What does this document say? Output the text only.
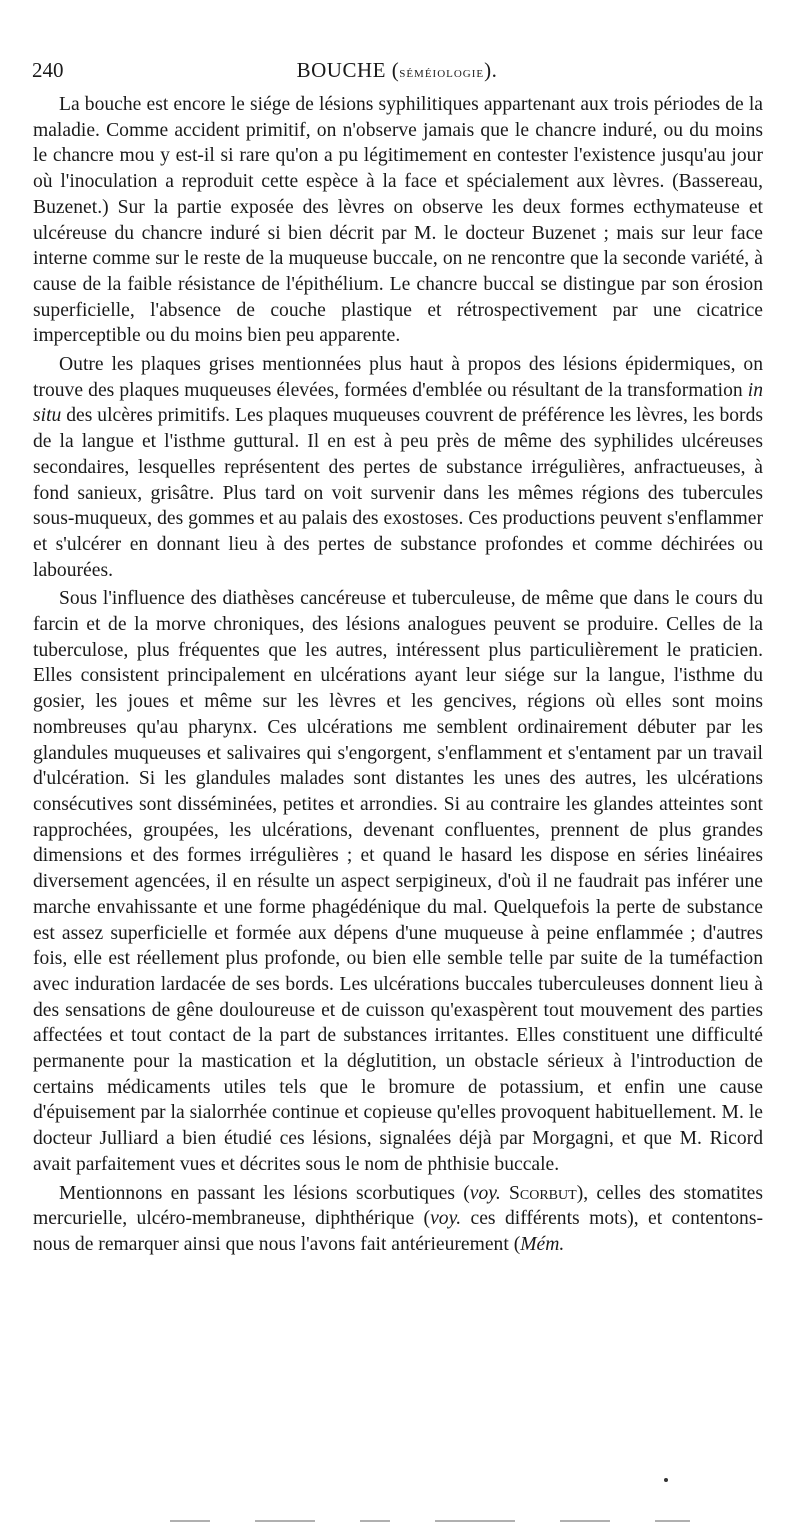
240	BOUCHE (séméiologie).

La bouche est encore le siége de lésions syphilitiques appartenant aux trois périodes de la maladie. Comme accident primitif, on n'observe jamais que le chancre induré, ou du moins le chancre mou y est-il si rare qu'on a pu légitimement en contester l'existence jusqu'au jour où l'inoculation a reproduit cette espèce à la face et spécialement aux lèvres. (Bassereau, Buzenet.) Sur la partie exposée des lèvres on observe les deux formes ecthymateuse et ulcéreuse du chancre induré si bien décrit par M. le docteur Buzenet ; mais sur leur face interne comme sur le reste de la muqueuse buccale, on ne rencontre que la seconde variété, à cause de la faible résistance de l'épithélium. Le chancre buccal se distingue par son érosion superficielle, l'absence de couche plastique et rétrospectivement par une cicatrice imperceptible ou du moins bien peu apparente.

Outre les plaques grises mentionnées plus haut à propos des lésions épidermiques, on trouve des plaques muqueuses élevées, formées d'emblée ou résultant de la transformation in situ des ulcères primitifs. Les plaques muqueuses couvrent de préférence les lèvres, les bords de la langue et l'isthme guttural. Il en est à peu près de même des syphilides ulcéreuses secondaires, lesquelles représentent des pertes de substance irrégulières, anfractueuses, à fond sanieux, grisâtre. Plus tard on voit survenir dans les mêmes régions des tubercules sous-muqueux, des gommes et au palais des exostoses. Ces productions peuvent s'enflammer et s'ulcérer en donnant lieu à des pertes de substance profondes et comme déchirées ou labourées.

Sous l'influence des diathèses cancéreuse et tuberculeuse, de même que dans le cours du farcin et de la morve chroniques, des lésions analogues peuvent se produire. Celles de la tuberculose, plus fréquentes que les autres, intéressent plus particulièrement le praticien. Elles consistent principalement en ulcérations ayant leur siége sur la langue, l'isthme du gosier, les joues et même sur les lèvres et les gencives, régions où elles sont moins nombreuses qu'au pharynx. Ces ulcérations me semblent ordinairement débuter par les glandules muqueuses et salivaires qui s'engorgent, s'enflamment et s'entament par un travail d'ulcération. Si les glandules malades sont distantes les unes des autres, les ulcérations consécutives sont disséminées, petites et arrondies. Si au contraire les glandes atteintes sont rapprochées, groupées, les ulcérations, devenant confluentes, prennent de plus grandes dimensions et des formes irrégulières ; et quand le hasard les dispose en séries linéaires diversement agencées, il en résulte un aspect serpigineux, d'où il ne faudrait pas inférer une marche envahissante et une forme phagédénique du mal. Quelquefois la perte de substance est assez superficielle et formée aux dépens d'une muqueuse à peine enflammée ; d'autres fois, elle est réellement plus profonde, ou bien elle semble telle par suite de la tuméfaction avec induration lardacée de ses bords. Les ulcérations buccales tuberculeuses donnent lieu à des sensations de gêne douloureuse et de cuisson qu'exaspèrent tout mouvement des parties affectées et tout contact de la part de substances irritantes. Elles constituent une difficulté permanente pour la mastication et la déglutition, un obstacle sérieux à l'introduction de certains médicaments utiles tels que le bromure de potassium, et enfin une cause d'épuisement par la sialorrhée continue et copieuse qu'elles provoquent habituellement. M. le docteur Julliard a bien étudié ces lésions, signalées déjà par Morgagni, et que M. Ricord avait parfaitement vues et décrites sous le nom de phthisie buccale.

Mentionnons en passant les lésions scorbutiques (voy. Scorbut), celles des stomatites mercurielle, ulcéro-membraneuse, diphthérique (voy. ces différents mots), et contentons-nous de remarquer ainsi que nous l'avons fait antérieurement (Mém.
